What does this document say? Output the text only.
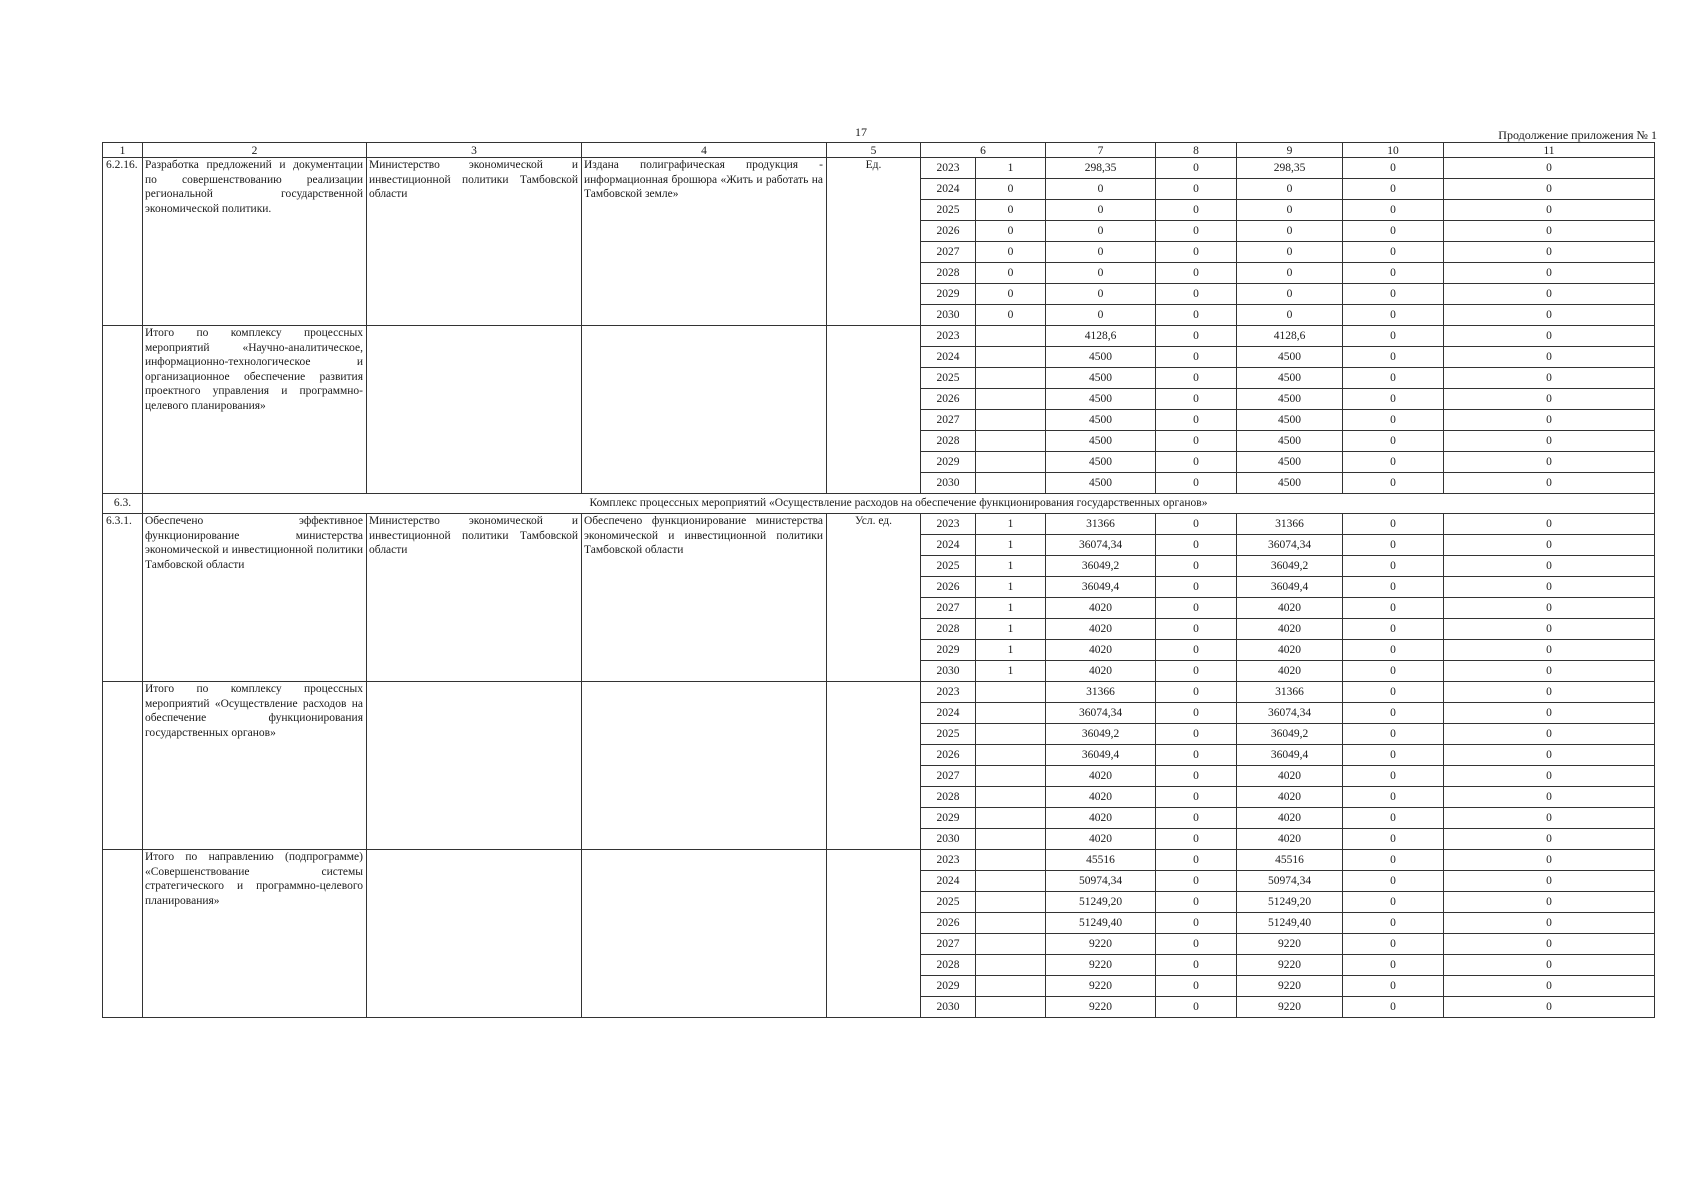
17	Продолжение приложения № 1
1	2	3	4	5	6		7	8	9	10	11
6.2.16.	Разработка предложений и документации по совершенствованию реализации региональной государственной экономической политики.	Министерство экономической и инвестиционной политики Тамбовской области	Издана полиграфическая продукция - информационная брошюра «Жить и работать на Тамбовской земле»	Ед.	2023	1	298,35	0	298,35	0	0
					2024	0	0	0	0	0	0
					2025	0	0	0	0	0	0
					2026	0	0	0	0	0	0
					2027	0	0	0	0	0	0
					2028	0	0	0	0	0	0
					2029	0	0	0	0	0	0
					2030	0	0	0	0	0	0
	Итого по комплексу процессных мероприятий «Научно-аналитическое, информационно-технологическое и организационное обеспечение развития проектного управления и программно-целевого планирования»				2023		4128,6	0	4128,6	0	0
					2024		4500	0	4500	0	0
					2025		4500	0	4500	0	0
					2026		4500	0	4500	0	0
					2027		4500	0	4500	0	0
					2028		4500	0	4500	0	0
					2029		4500	0	4500	0	0
					2030		4500	0	4500	0	0
6.3.	Комплекс процессных мероприятий «Осуществление расходов на обеспечение функционирования государственных органов»										
6.3.1.	Обеспечено эффективное функционирование министерства экономической и инвестиционной политики Тамбовской области	Министерство экономической и инвестиционной политики Тамбовской области	Обеспечено функционирование министерства экономической и инвестиционной политики Тамбовской области	Усл. ед.	2023	1	31366	0	31366	0	0
					2024	1	36074,34	0	36074,34	0	0
					2025	1	36049,2	0	36049,2	0	0
					2026	1	36049,4	0	36049,4	0	0
					2027	1	4020	0	4020	0	0
					2028	1	4020	0	4020	0	0
					2029	1	4020	0	4020	0	0
					2030	1	4020	0	4020	0	0
	Итого по комплексу процессных мероприятий «Осуществление расходов на обеспечение функционирования государственных органов»				2023		31366	0	31366	0	0
					2024		36074,34	0	36074,34	0	0
					2025		36049,2	0	36049,2	0	0
					2026		36049,4	0	36049,4	0	0
					2027		4020	0	4020	0	0
					2028		4020	0	4020	0	0
					2029		4020	0	4020	0	0
					2030		4020	0	4020	0	0
	Итого по направлению (подпрограмме) «Совершенствование системы стратегического и программно-целевого планирования»				2023		45516	0	45516	0	0
					2024		50974,34	0	50974,34	0	0
					2025		51249,20	0	51249,20	0	0
					2026		51249,40	0	51249,40	0	0
					2027		9220	0	9220	0	0
					2028		9220	0	9220	0	0
					2029		9220	0	9220	0	0
					2030		9220	0	9220	0	0
